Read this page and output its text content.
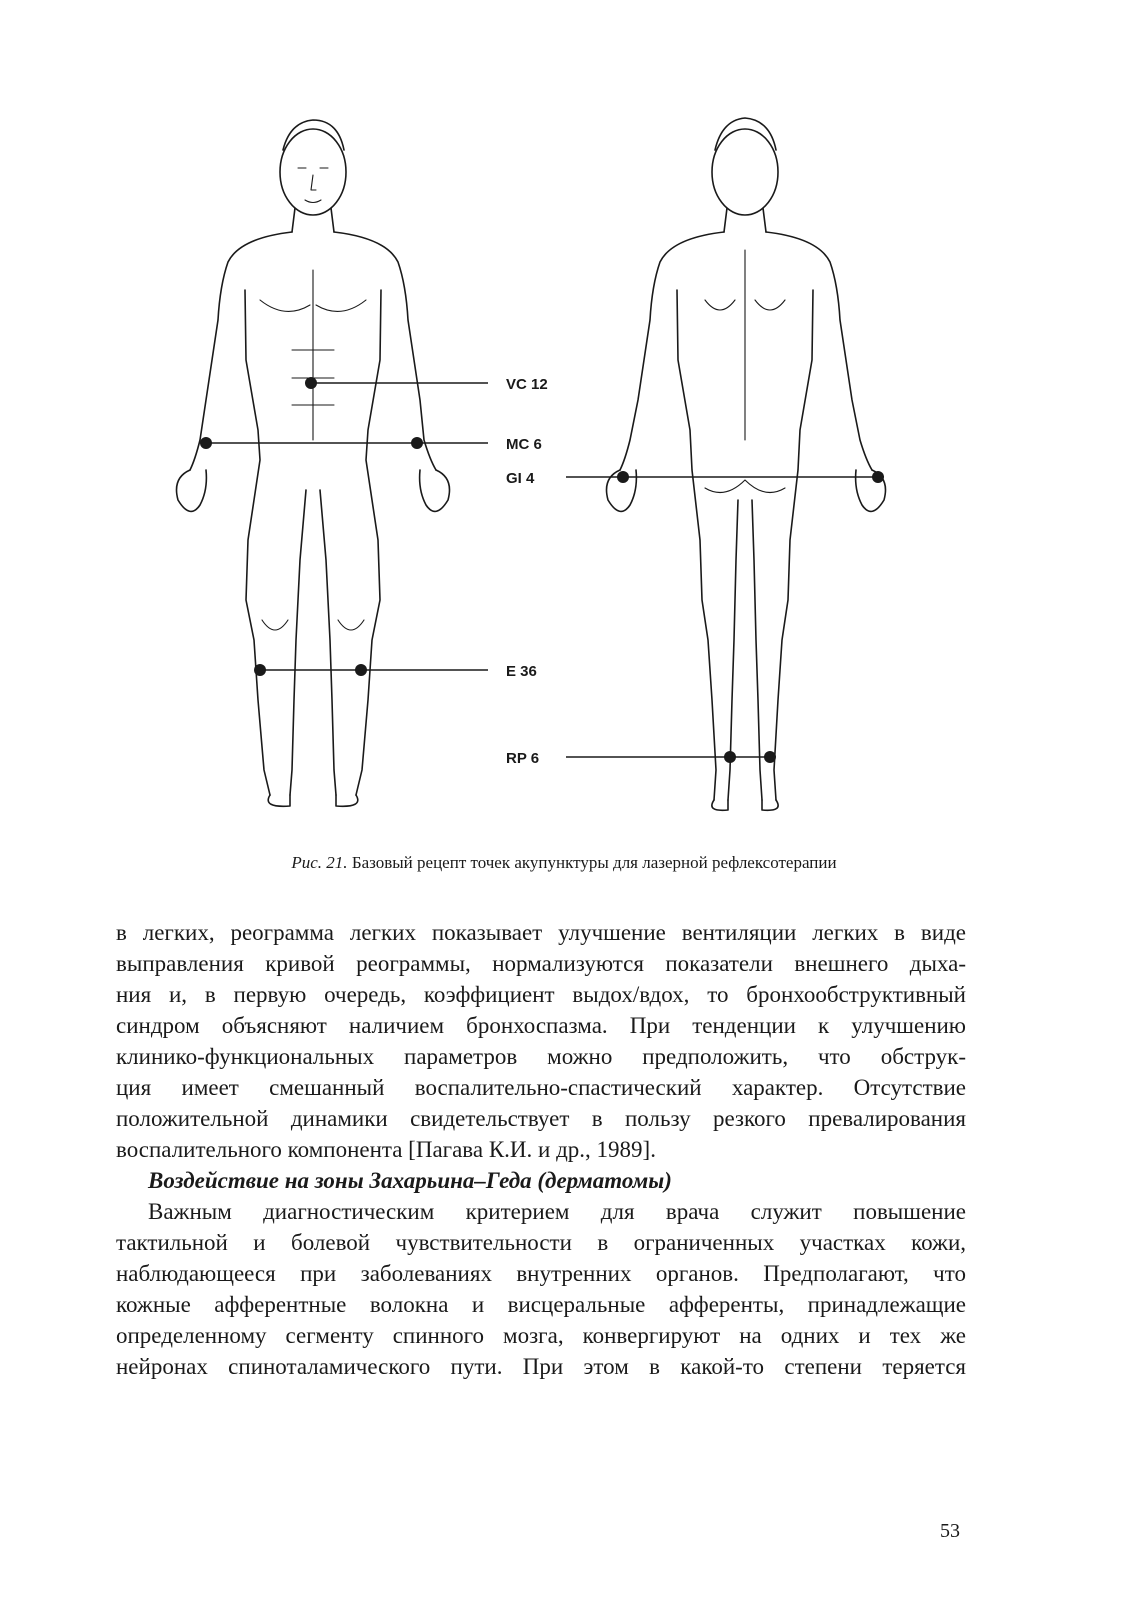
VC 12
MC 6
GI 4
E 36
RP 6
Рис. 21. Базовый рецепт точек акупунктуры для лазерной рефлексотерапии
в легких, реограмма легких показывает улучшение вентиляции легких в виде
выправления кривой реограммы, нормализуются показатели внешнего дыха-
ния и, в первую очередь, коэффициент выдох/вдох, то бронхообструктивный
синдром объясняют наличием бронхоспазма. При тенденции к улучшению
клинико-функциональных параметров можно предположить, что обструк-
ция имеет смешанный воспалительно-спастический характер. Отсутствие
положительной динамики свидетельствует в пользу резкого превалирования
воспалительного компонента [Пагава К.И. и др., 1989].
Воздействие на зоны Захарьина–Геда (дерматомы)
Важным диагностическим критерием для врача служит повышение
тактильной и болевой чувствительности в ограниченных участках кожи,
наблюдающееся при заболеваниях внутренних органов. Предполагают, что
кожные афферентные волокна и висцеральные афференты, принадлежащие
определенному сегменту спинного мозга, конвергируют на одних и тех же
нейронах спиноталамического пути. При этом в какой-то степени теряется
53
